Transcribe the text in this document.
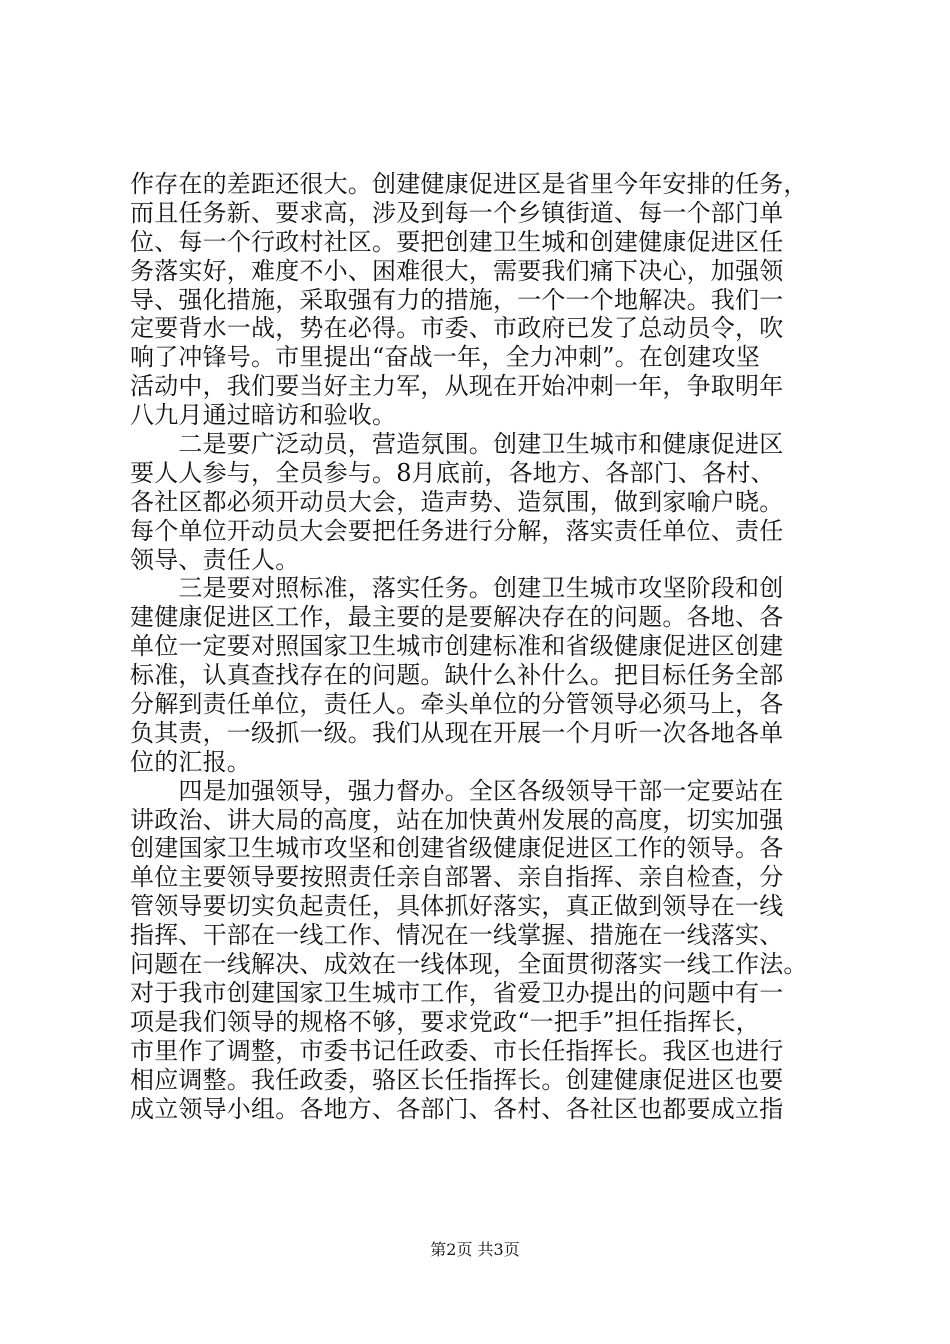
作存在的差距还很大。创建健康促进区是省里今年安排的任务，
而且任务新、要求高，涉及到每一个乡镇街道、每一个部门单
位、每一个行政村社区。要把创建卫生城和创建健康促进区任
务落实好，难度不小、困难很大，需要我们痛下决心，加强领
导、强化措施，采取强有力的措施，一个一个地解决。我们一
定要背水一战，势在必得。市委、市政府已发了总动员令，吹
响了冲锋号。市里提出“奋战一年，全力冲刺”。在创建攻坚
活动中，我们要当好主力军，从现在开始冲刺一年，争取明年
八九月通过暗访和验收。
　　二是要广泛动员，营造氛围。创建卫生城市和健康促进区
要人人参与，全员参与。8月底前，各地方、各部门、各村、
各社区都必须开动员大会，造声势、造氛围，做到家喻户晓。
每个单位开动员大会要把任务进行分解，落实责任单位、责任
领导、责任人。
　　三是要对照标准，落实任务。创建卫生城市攻坚阶段和创
建健康促进区工作，最主要的是要解决存在的问题。各地、各
单位一定要对照国家卫生城市创建标准和省级健康促进区创建
标准，认真查找存在的问题。缺什么补什么。把目标任务全部
分解到责任单位，责任人。牵头单位的分管领导必须马上，各
负其责，一级抓一级。我们从现在开展一个月听一次各地各单
位的汇报。
　　四是加强领导，强力督办。全区各级领导干部一定要站在
讲政治、讲大局的高度，站在加快黄州发展的高度，切实加强
创建国家卫生城市攻坚和创建省级健康促进区工作的领导。各
单位主要领导要按照责任亲自部署、亲自指挥、亲自检查，分
管领导要切实负起责任，具体抓好落实，真正做到领导在一线
指挥、干部在一线工作、情况在一线掌握、措施在一线落实、
问题在一线解决、成效在一线体现，全面贯彻落实一线工作法。
对于我市创建国家卫生城市工作，省爱卫办提出的问题中有一
项是我们领导的规格不够，要求党政“一把手”担任指挥长，
市里作了调整，市委书记任政委、市长任指挥长。我区也进行
相应调整。我任政委，骆区长任指挥长。创建健康促进区也要
成立领导小组。各地方、各部门、各村、各社区也都要成立指
第2页 共3页
